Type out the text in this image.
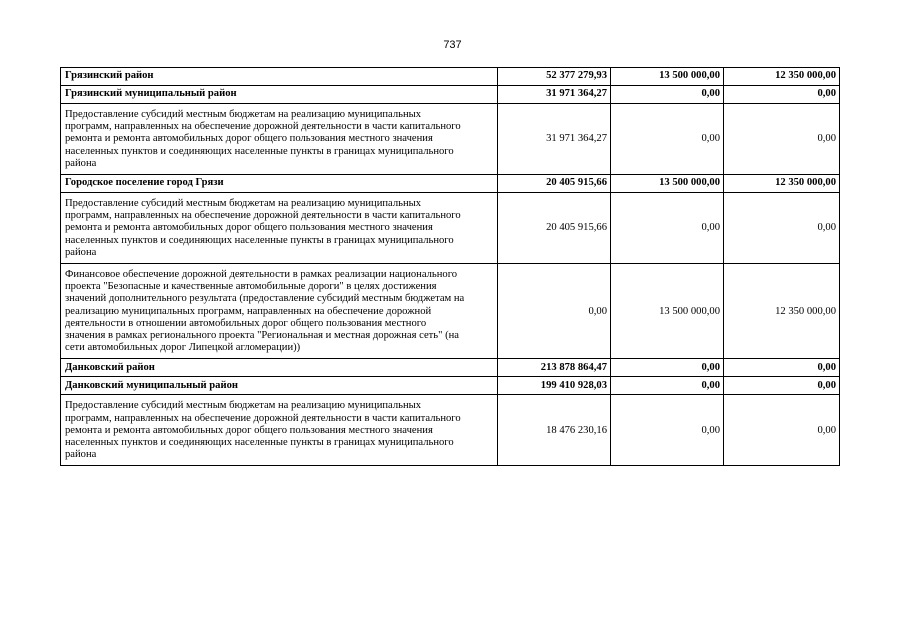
737
Грязинский район	52 377 279,93	13 500 000,00	12 350 000,00
Грязинский муниципальный район	31 971 364,27	0,00	0,00
Предоставление субсидий местным бюджетам на реализацию муниципальных программ, направленных на обеспечение дорожной деятельности в части капитального ремонта и ремонта автомобильных дорог общего пользования местного значения населенных пунктов и соединяющих населенные пункты в границах муниципального района	31 971 364,27	0,00	0,00
Городское поселение город Грязи	20 405 915,66	13 500 000,00	12 350 000,00
Предоставление субсидий местным бюджетам на реализацию муниципальных программ, направленных на обеспечение дорожной деятельности в части капитального ремонта и ремонта автомобильных дорог общего пользования местного значения населенных пунктов и соединяющих населенные пункты в границах муниципального района	20 405 915,66	0,00	0,00
Финансовое обеспечение дорожной деятельности в рамках реализации национального проекта "Безопасные и качественные автомобильные дороги" в целях достижения значений дополнительного результата (предоставление субсидий местным бюджетам на реализацию муниципальных программ, направленных на обеспечение дорожной деятельности в отношении автомобильных дорог общего пользования местного значения в рамках регионального проекта "Региональная и местная дорожная сеть" (на сети автомобильных дорог Липецкой агломерации))	0,00	13 500 000,00	12 350 000,00
Данковский район	213 878 864,47	0,00	0,00
Данковский муниципальный район	199 410 928,03	0,00	0,00
Предоставление субсидий местным бюджетам на реализацию муниципальных программ, направленных на обеспечение дорожной деятельности в части капитального ремонта и ремонта автомобильных дорог общего пользования местного значения населенных пунктов и соединяющих населенные пункты в границах муниципального района	18 476 230,16	0,00	0,00
